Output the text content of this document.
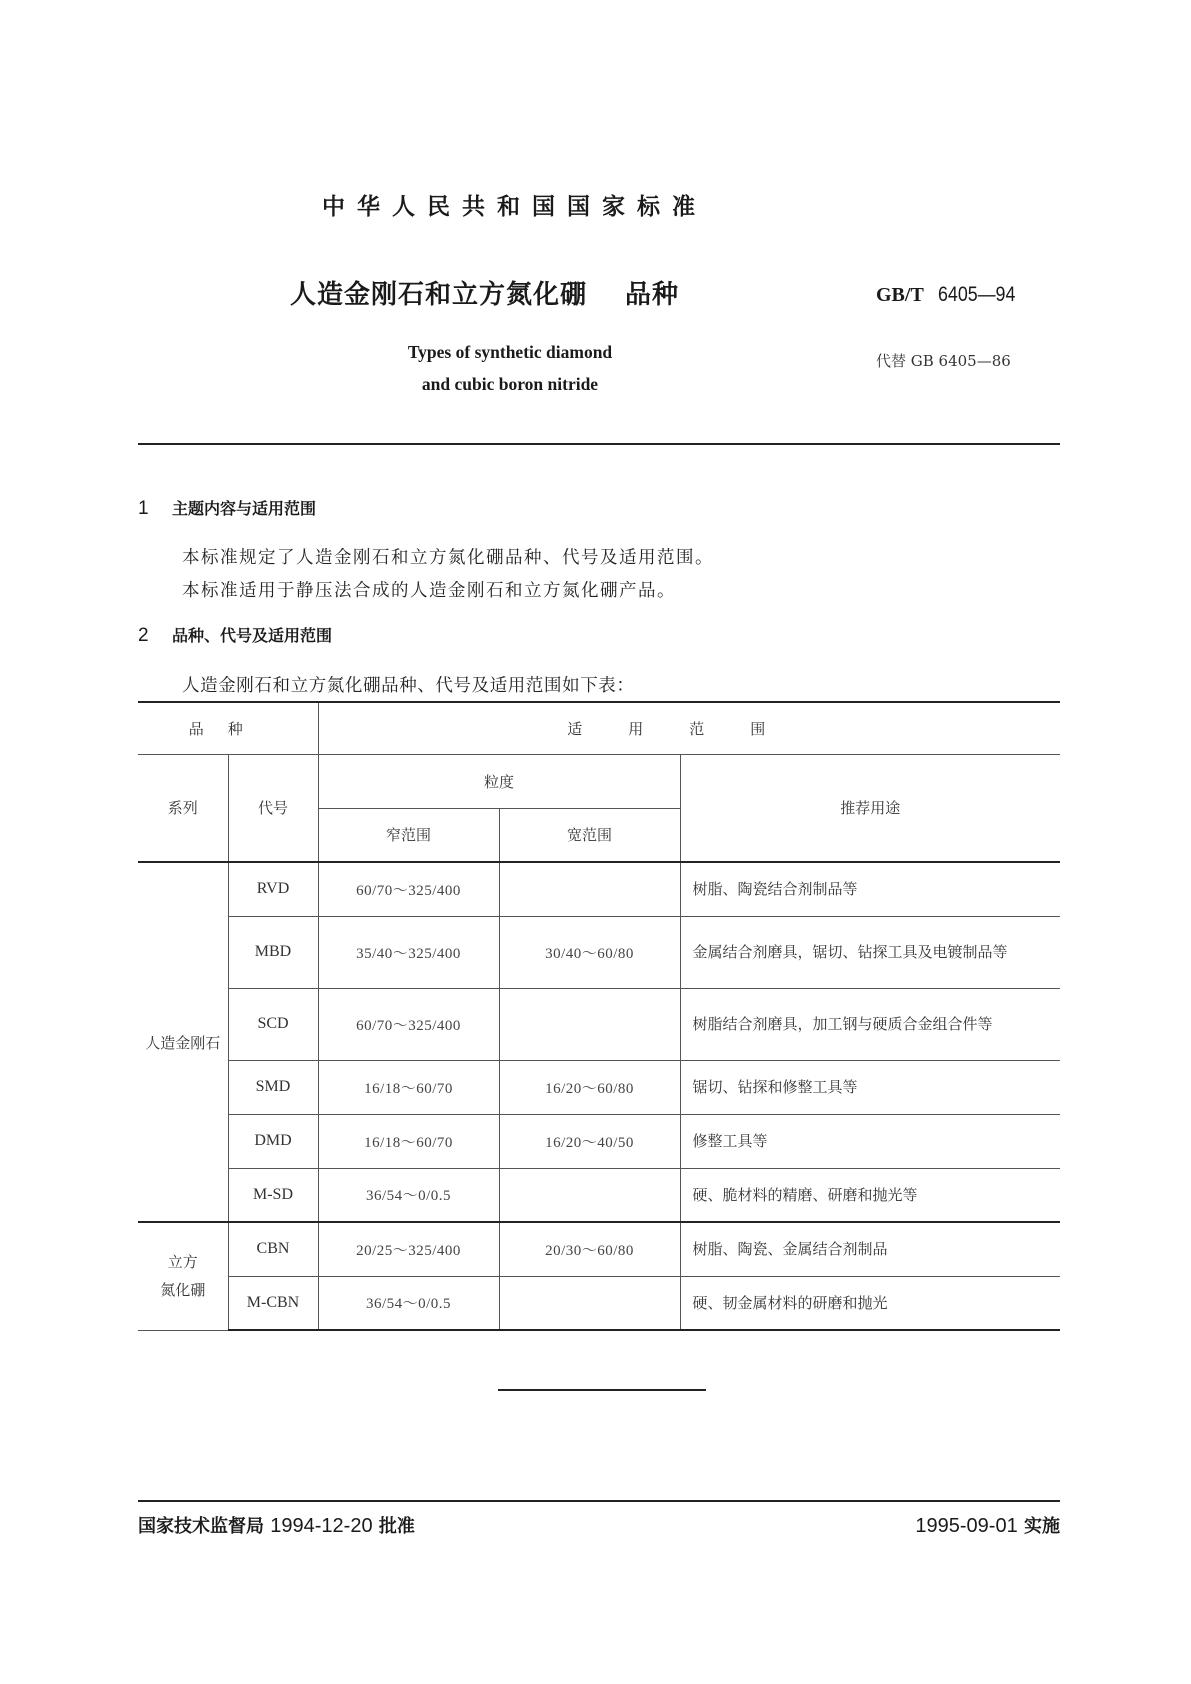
中华人民共和国国家标准
人造金刚石和立方氮化硼 品种	GB/T 6405—94
Types of synthetic diamond
and cubic boron nitride
代替 GB 6405—86
1 主题内容与适用范围
本标准规定了人造金刚石和立方氮化硼品种、代号及适用范围。
本标准适用于静压法合成的人造金刚石和立方氮化硼产品。
2 品种、代号及适用范围
人造金刚石和立方氮化硼品种、代号及适用范围如下表：
品种		适用范围		
系列	代号	粒度		推荐用途
		窄范围	宽范围	
人造金刚石	RVD	60/70～325/400		树脂、陶瓷结合剂制品等
	MBD	35/40～325/400	30/40～60/80	金属结合剂磨具，锯切、钻探工具及电镀制品等
	SCD	60/70～325/400		树脂结合剂磨具，加工钢与硬质合金组合件等
	SMD	16/18～60/70	16/20～60/80	锯切、钻探和修整工具等
	DMD	16/18～60/70	16/20～40/50	修整工具等
	M-SD	36/54～0/0.5		硬、脆材料的精磨、研磨和抛光等

立方
氮化硼	CBN	20/25～325/400	20/30～60/80	树脂、陶瓷、金属结合剂制品
	M-CBN	36/54～0/0.5		硬、韧金属材料的研磨和抛光
国家技术监督局 1994-12-20 批准	1995-09-01 实施
